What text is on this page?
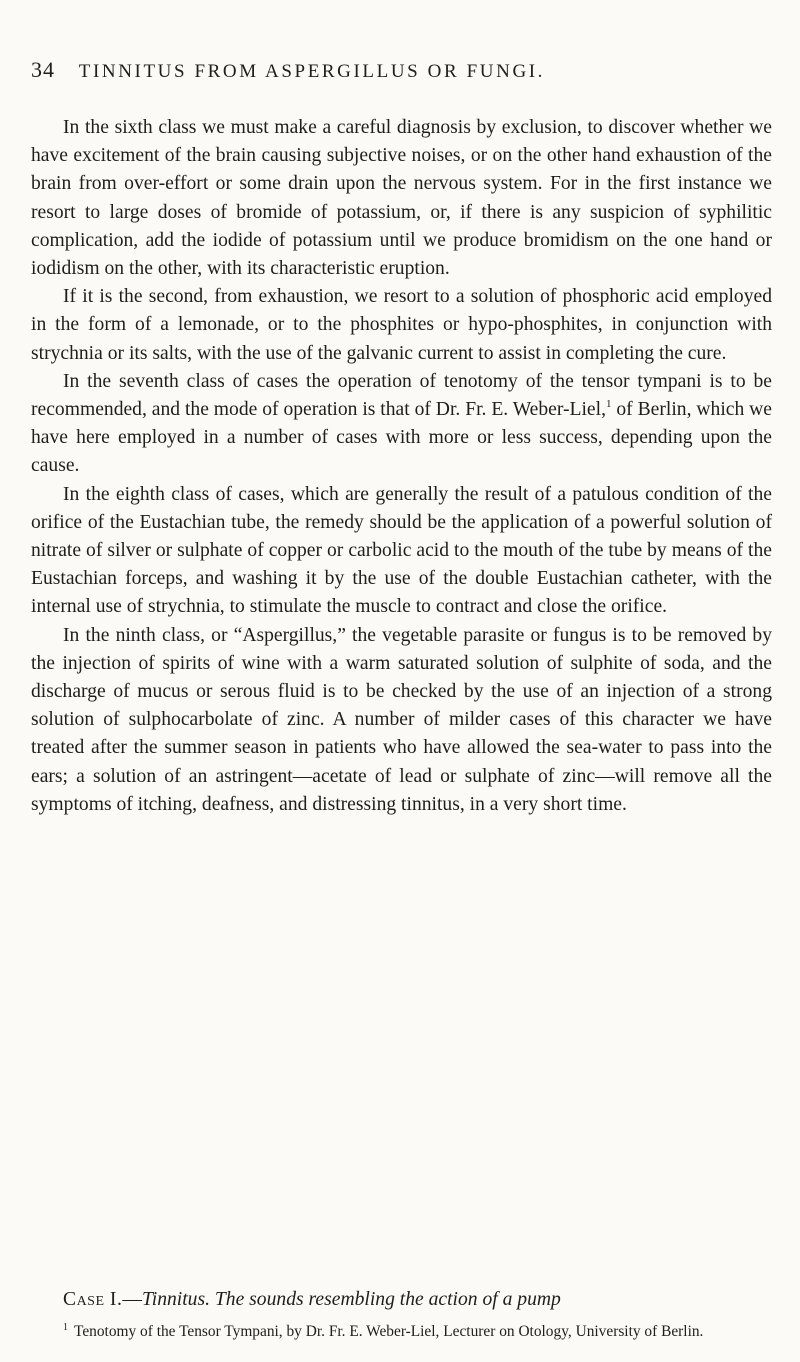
34 TINNITUS FROM ASPERGILLUS OR FUNGI.

In the sixth class we must make a careful diagnosis by exclusion, to discover whether we have excitement of the brain causing subjective noises, or on the other hand exhaustion of the brain from over-effort or some drain upon the nervous system. For in the first instance we resort to large doses of bromide of potassium, or, if there is any suspicion of syphilitic complication, add the iodide of potassium until we produce bromidism on the one hand or iodidism on the other, with its characteristic eruption.

If it is the second, from exhaustion, we resort to a solution of phosphoric acid employed in the form of a lemonade, or to the phosphites or hypo-phosphites, in conjunction with strychnia or its salts, with the use of the galvanic current to assist in completing the cure.

In the seventh class of cases the operation of tenotomy of the tensor tympani is to be recommended, and the mode of operation is that of Dr. Fr. E. Weber-Liel,$^1$ of Berlin, which we have here employed in a number of cases with more or less success, depending upon the cause.

In the eighth class of cases, which are generally the result of a patulous condition of the orifice of the Eustachian tube, the remedy should be the application of a powerful solution of nitrate of silver or sulphate of copper or carbolic acid to the mouth of the tube by means of the Eustachian forceps, and washing it by the use of the double Eustachian catheter, with the internal use of strychnia, to stimulate the muscle to contract and close the orifice.

In the ninth class, or “Aspergillus,” the vegetable parasite or fungus is to be removed by the injection of spirits of wine with a warm saturated solution of sulphite of soda, and the discharge of mucus or serous fluid is to be checked by the use of an injection of a strong solution of sulphocarbolate of zinc. A number of milder cases of this character we have treated after the summer season in patients who have allowed the sea-water to pass into the ears; a solution of an astringent—acetate of lead or sulphate of zinc—will remove all the symptoms of itching, deafness, and distressing tinnitus, in a very short time.

Case I.—Tinnitus. The sounds resembling the action of a pump
$^1$ Tenotomy of the Tensor Tympani, by Dr. Fr. E. Weber-Liel, Lecturer on Otology, University of Berlin.
